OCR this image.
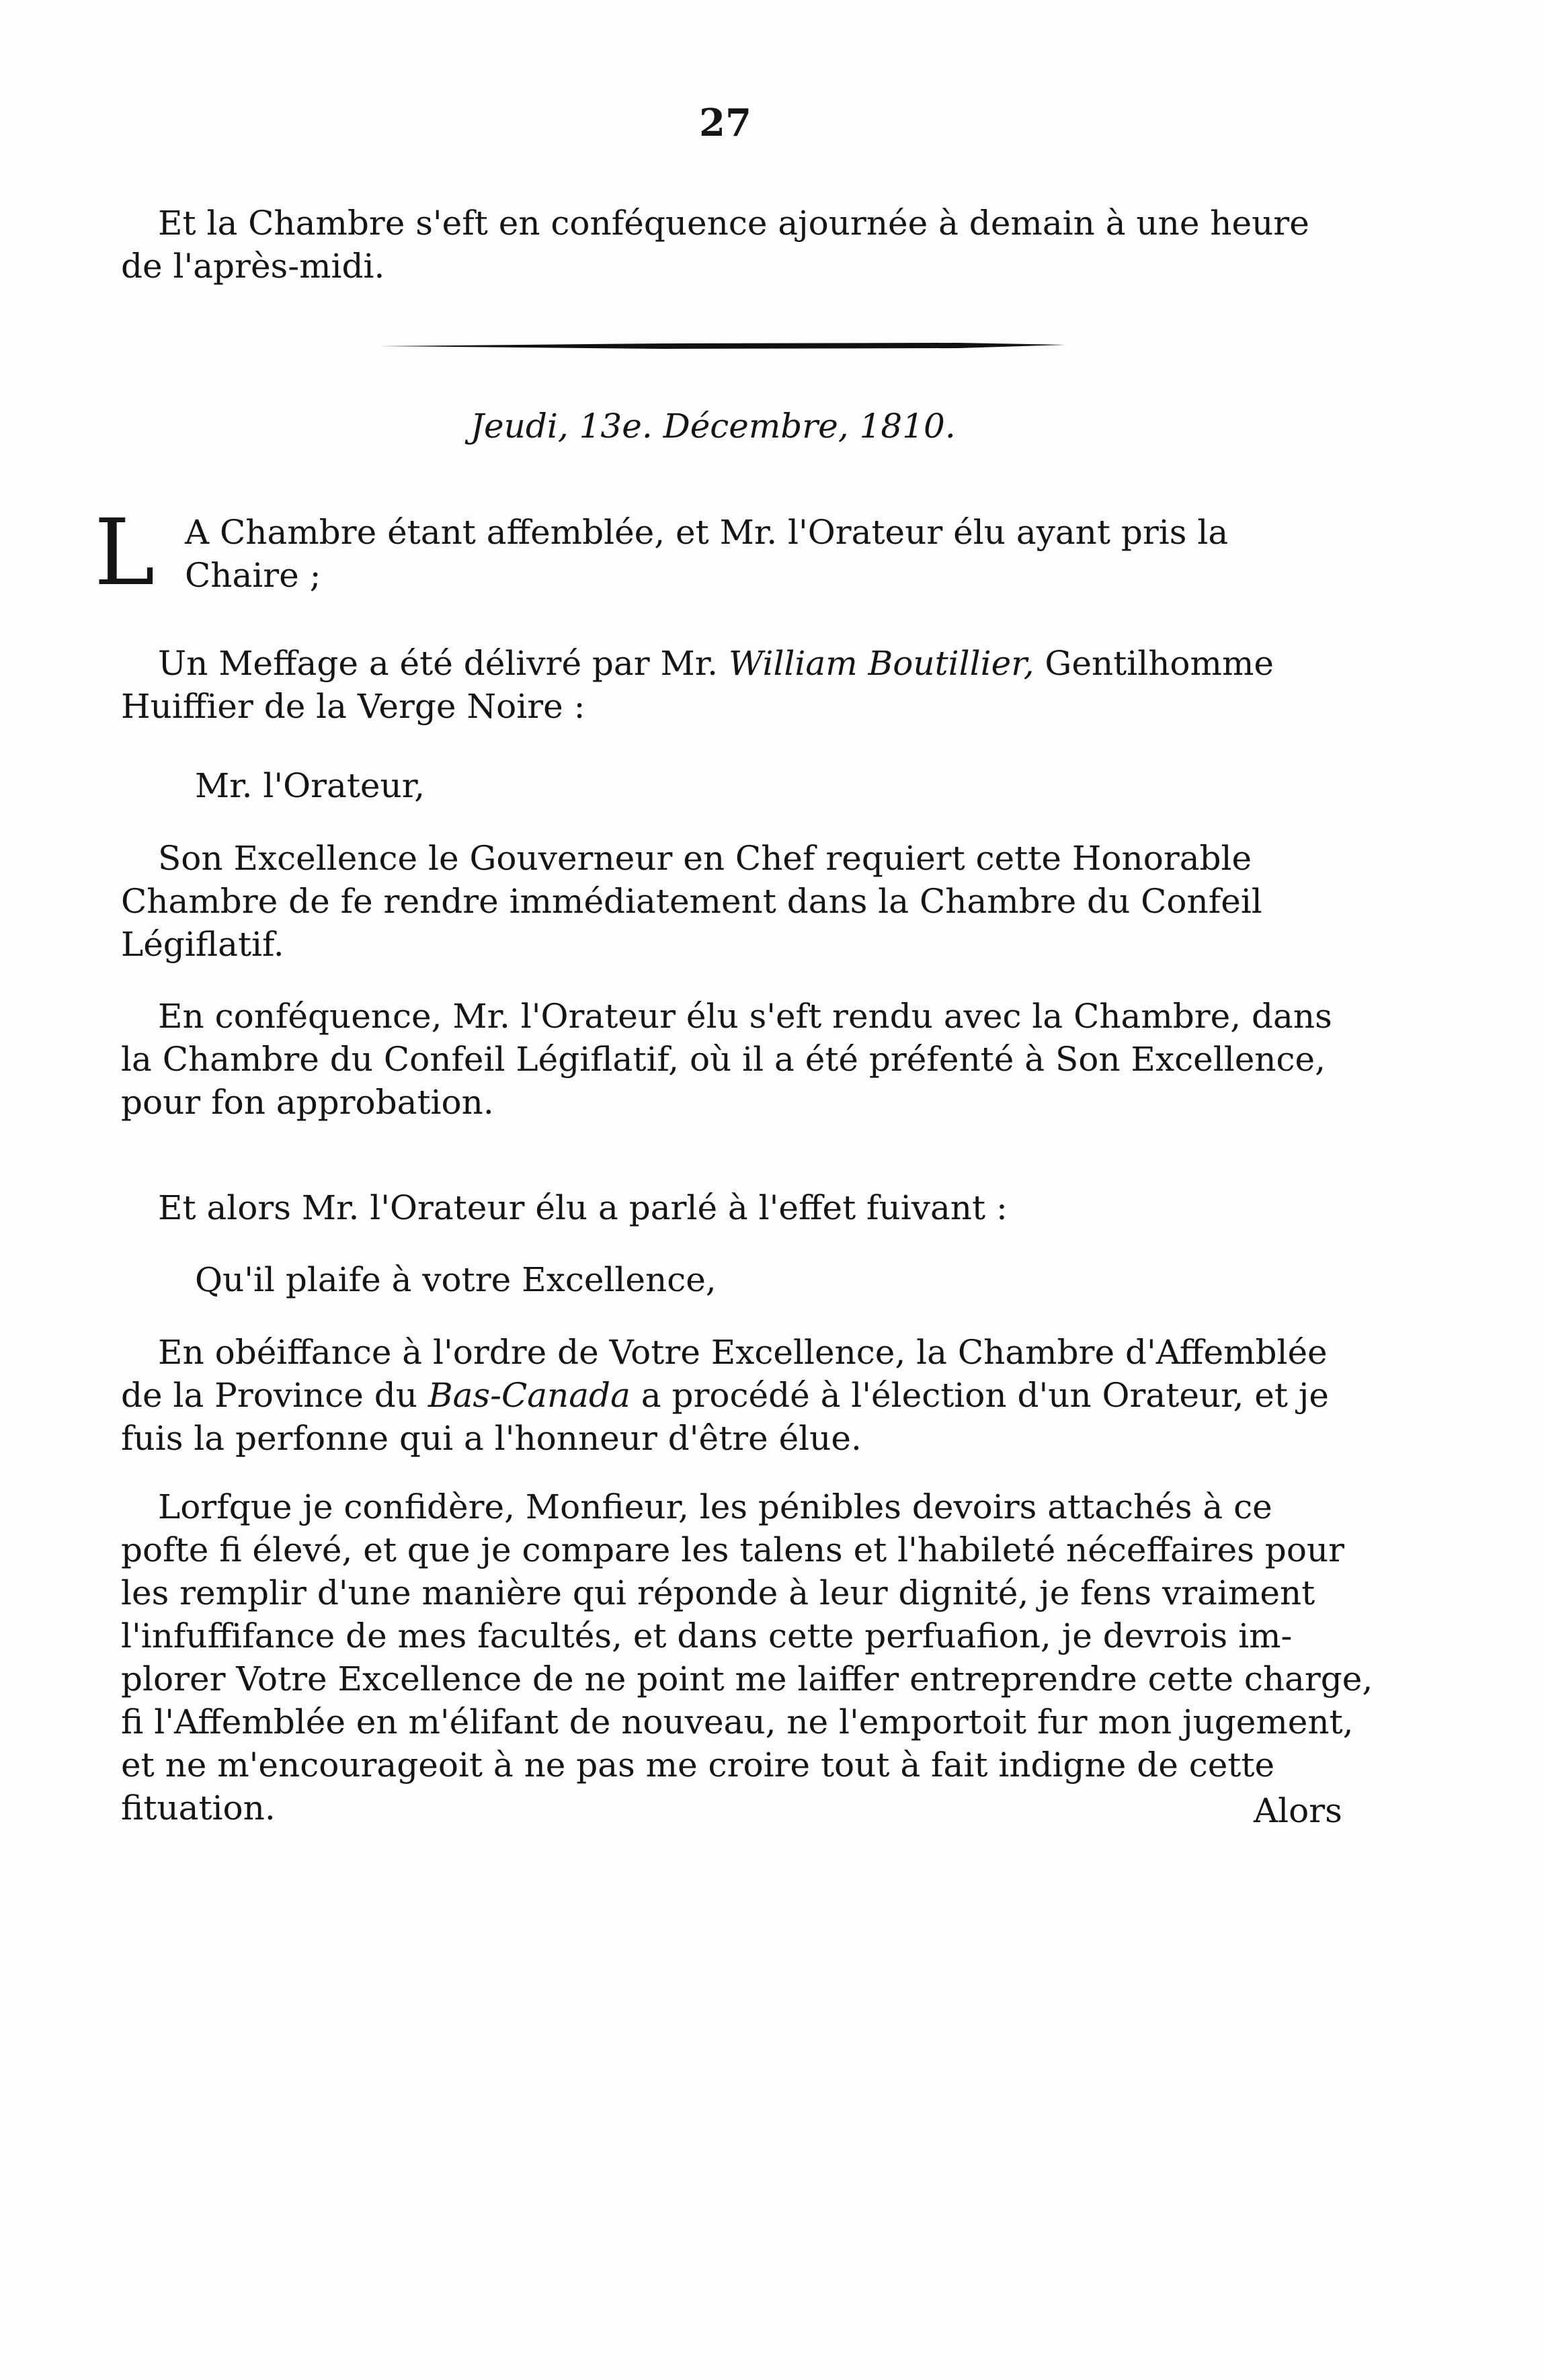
27
Et la Chambre s'eft en conféquence ajournée à demain à une heure
de l'après-midi.
Jeudi, 13e. Décembre, 1810.
L A Chambre étant affemblée, et Mr. l'Orateur élu ayant pris la
Chaire ;
Un Meffage a été délivré par Mr. William Boutillier, Gentilhomme
Huiffier de la Verge Noire :
Mr. l'Orateur,
Son Excellence le Gouverneur en Chef requiert cette Honorable
Chambre de fe rendre immédiatement dans la Chambre du Confeil
Légiflatif.
En conféquence, Mr. l'Orateur élu s'eft rendu avec la Chambre, dans
la Chambre du Confeil Légiflatif, où il a été préfenté à Son Excellence,
pour fon approbation.
Et alors Mr. l'Orateur élu a parlé à l'effet fuivant :
Qu'il plaife à votre Excellence,
En obéiffance à l'ordre de Votre Excellence, la Chambre d'Affemblée
de la Province du Bas-Canada a procédé à l'élection d'un Orateur, et je
fuis la perfonne qui a l'honneur d'être élue.
Lorfque je confidère, Monfieur, les pénibles devoirs attachés à ce
pofte fi élevé, et que je compare les talens et l'habileté néceffaires pour
les remplir d'une manière qui réponde à leur dignité, je fens vraiment
l'infuffifance de mes facultés, et dans cette perfuafion, je devrois im-
plorer Votre Excellence de ne point me laiffer entreprendre cette charge,
fi l'Affemblée en m'élifant de nouveau, ne l'emportoit fur mon jugement,
et ne m'encourageoit à ne pas me croire tout à fait indigne de cette
fituation.	Alors
